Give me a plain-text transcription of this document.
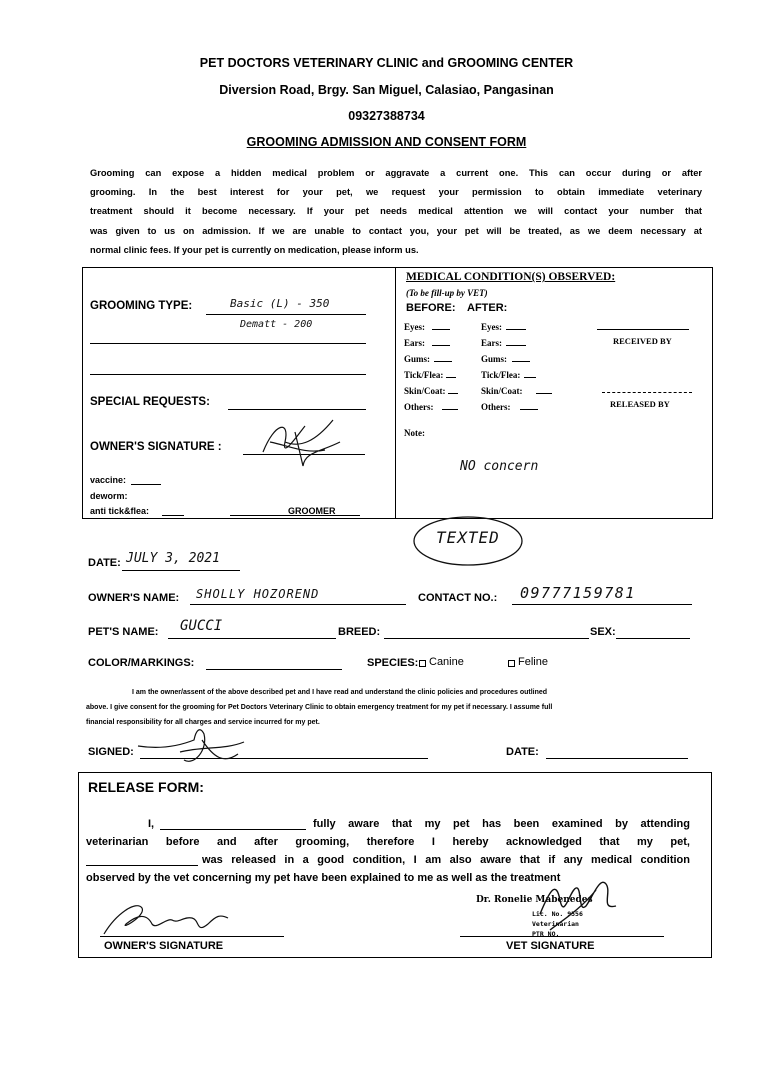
PET DOCTORS VETERINARY CLINIC and GROOMING CENTER
Diversion Road, Brgy. San Miguel, Calasiao, Pangasinan
09327388734
GROOMING ADMISSION AND CONSENT FORM
Grooming can expose a hidden medical problem or aggravate a current one. This can occur during or after
grooming. In the best interest for your pet, we request your permission to obtain immediate veterinary
treatment should it become necessary. If your pet needs medical attention we will contact your number that
was given to us on admission. If we are unable to contact you, your pet will be treated, as we deem necessary at
normal clinic fees. If your pet is currently on medication, please inform us.
GROOMING TYPE:	Basic (L) - 350
Dematt - 200
SPECIAL REQUESTS:
OWNER'S SIGNATURE :
vaccine:
deworm:
anti tick&flea:	GROOMER
MEDICAL CONDITION(S) OBSERVED:
(To be fill-up by VET)
BEFORE: AFTER:
Eyes:
Ears:
Gums:
Tick/Flea:
Skin/Coat:
Others:
Eyes:
Ears:
Gums:
Tick/Flea:
Skin/Coat:
Others:
RECEIVED BY
RELEASED BY
Note:
NO concern
TEXTED
DATE: JULY 3, 2021
OWNER'S NAME: SHOLLY HOZOREND	CONTACT NO.: 09777159781
PET'S NAME: GUCCI	BREED:	SEX:
COLOR/MARKINGS:	SPECIES: Canine	Feline
I am the owner/assent of the above described pet and I have read and understand the clinic policies and procedures outlined
above. I give consent for the grooming for Pet Doctors Veterinary Clinic to obtain emergency treatment for my pet if necessary. I assume full
financial responsibility for all charges and service incurred for my pet.
SIGNED:	DATE:
RELEASE FORM:
I,	fully aware that my pet has been examined by attending
veterinarian before and after grooming, therefore I hereby acknowledged that my pet,
was released in a good condition, I am also aware that if any medical condition
observed by the vet concerning my pet have been explained to me as well as the treatment
OWNER'S SIGNATURE
Dr. Ronelie Mabenedes
Lic. No. 9556
Veterinarian
PTR NO.
VET SIGNATURE
